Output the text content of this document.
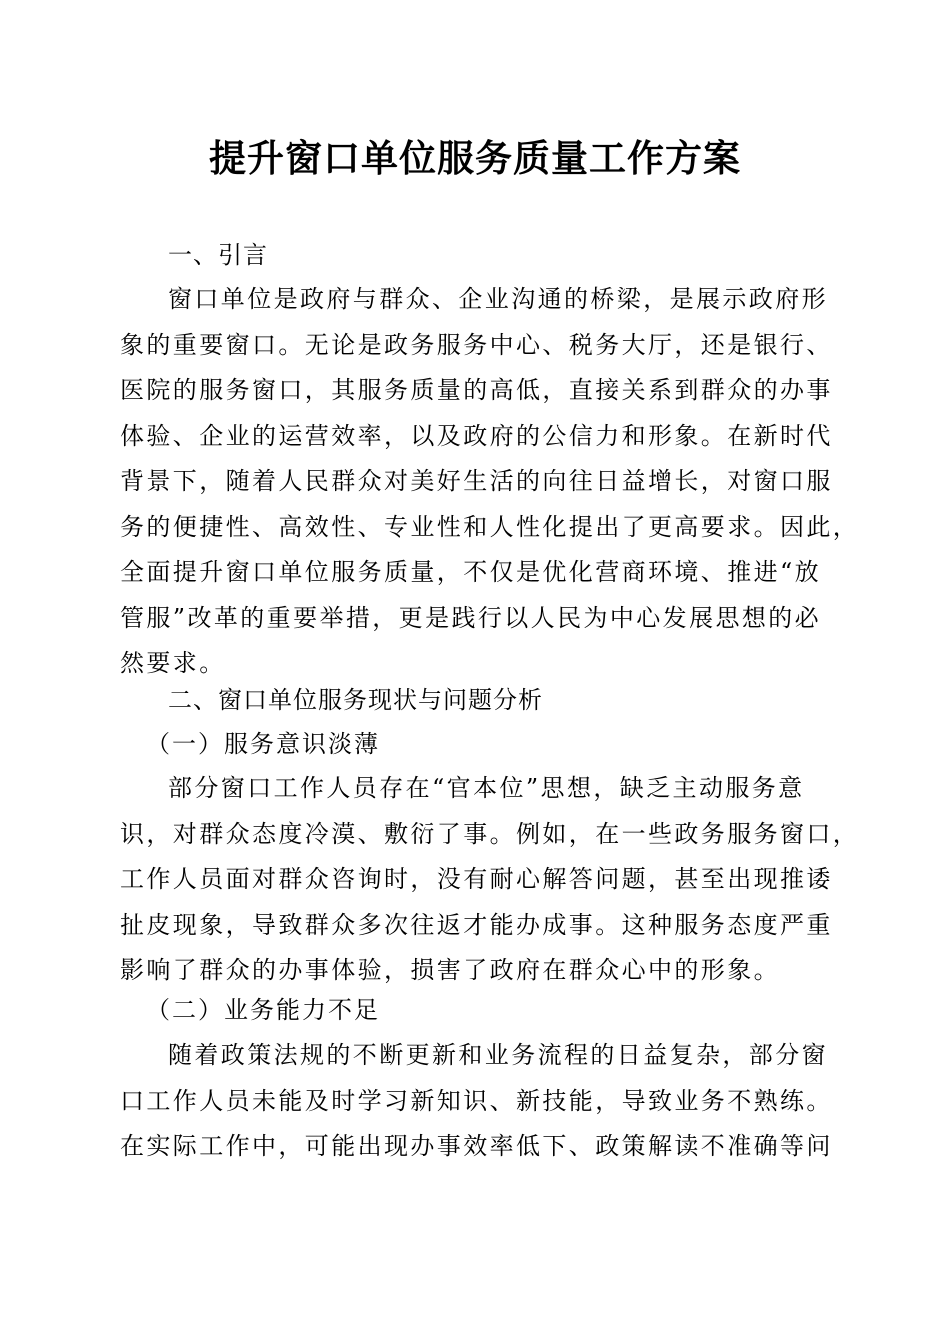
提升窗口单位服务质量工作方案
一、引言
窗口单位是政府与群众、企业沟通的桥梁，是展示政府形
象的重要窗口。无论是政务服务中心、税务大厅，还是银行、
医院的服务窗口，其服务质量的高低，直接关系到群众的办事
体验、企业的运营效率，以及政府的公信力和形象。在新时代
背景下，随着人民群众对美好生活的向往日益增长，对窗口服
务的便捷性、高效性、专业性和人性化提出了更高要求。因此，
全面提升窗口单位服务质量，不仅是优化营商环境、推进“放
管服”改革的重要举措，更是践行以人民为中心发展思想的必
然要求。
二、窗口单位服务现状与问题分析
（一）服务意识淡薄
部分窗口工作人员存在“官本位”思想，缺乏主动服务意
识，对群众态度冷漠、敷衍了事。例如，在一些政务服务窗口，
工作人员面对群众咨询时，没有耐心解答问题，甚至出现推诿
扯皮现象，导致群众多次往返才能办成事。这种服务态度严重
影响了群众的办事体验，损害了政府在群众心中的形象。
（二）业务能力不足
随着政策法规的不断更新和业务流程的日益复杂，部分窗
口工作人员未能及时学习新知识、新技能，导致业务不熟练。
在实际工作中，可能出现办事效率低下、政策解读不准确等问
